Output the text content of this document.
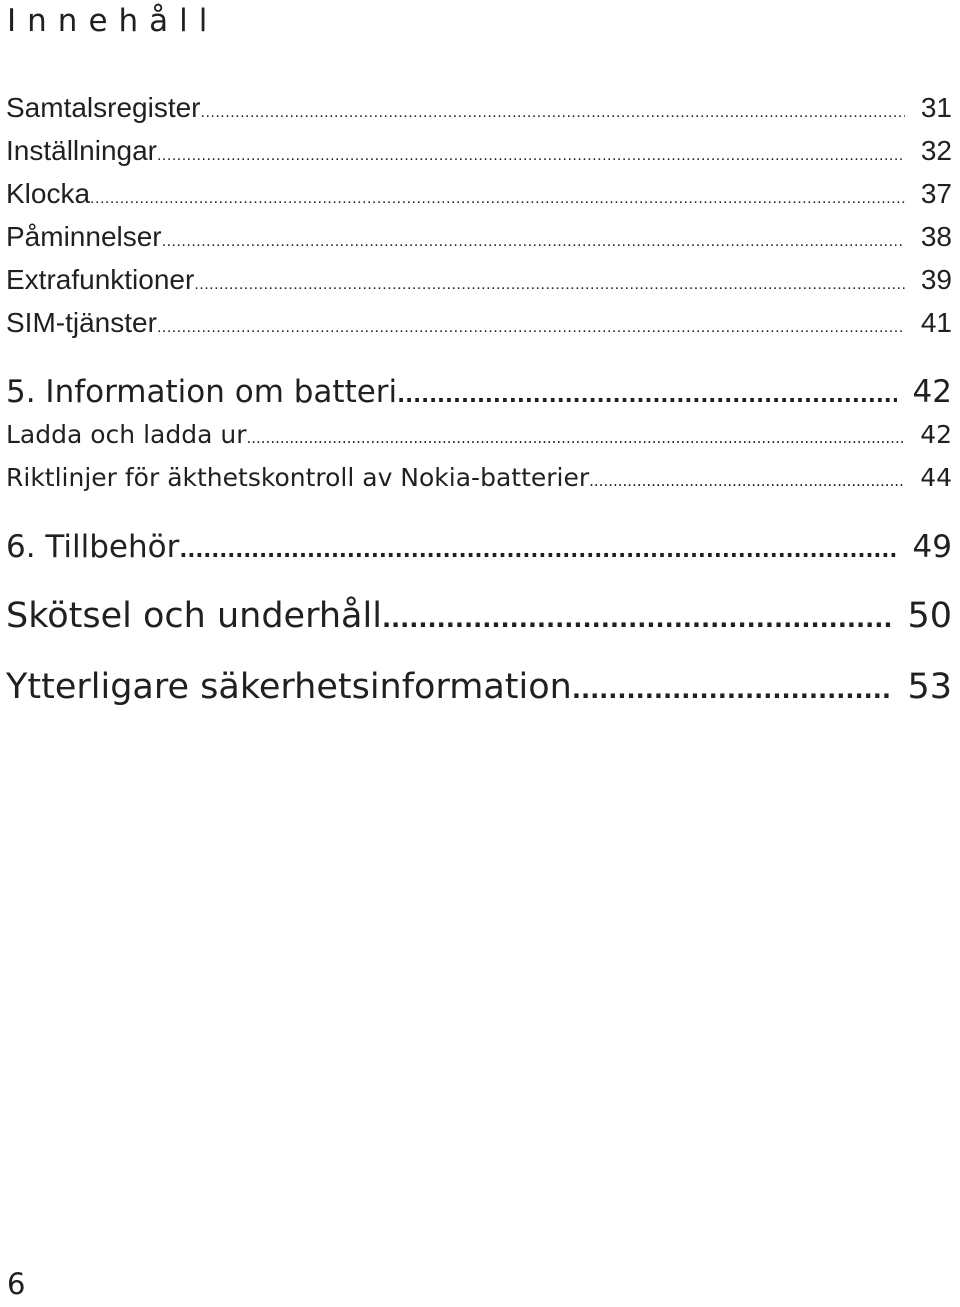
Innehåll
Samtalsregister .....	31
Inställningar .....	32
Klocka .....	37
Påminnelser .....	38
Extrafunktioner .....	39
SIM-tjänster .....	41
5. Information om batteri .....	42
Ladda och ladda ur .....	42
Riktlinjer för äkthetskontroll av Nokia-batterier .....	44
6. Tillbehör .....	49
Skötsel och underhåll .....	50
Ytterligare säkerhetsinformation .....	53
6
